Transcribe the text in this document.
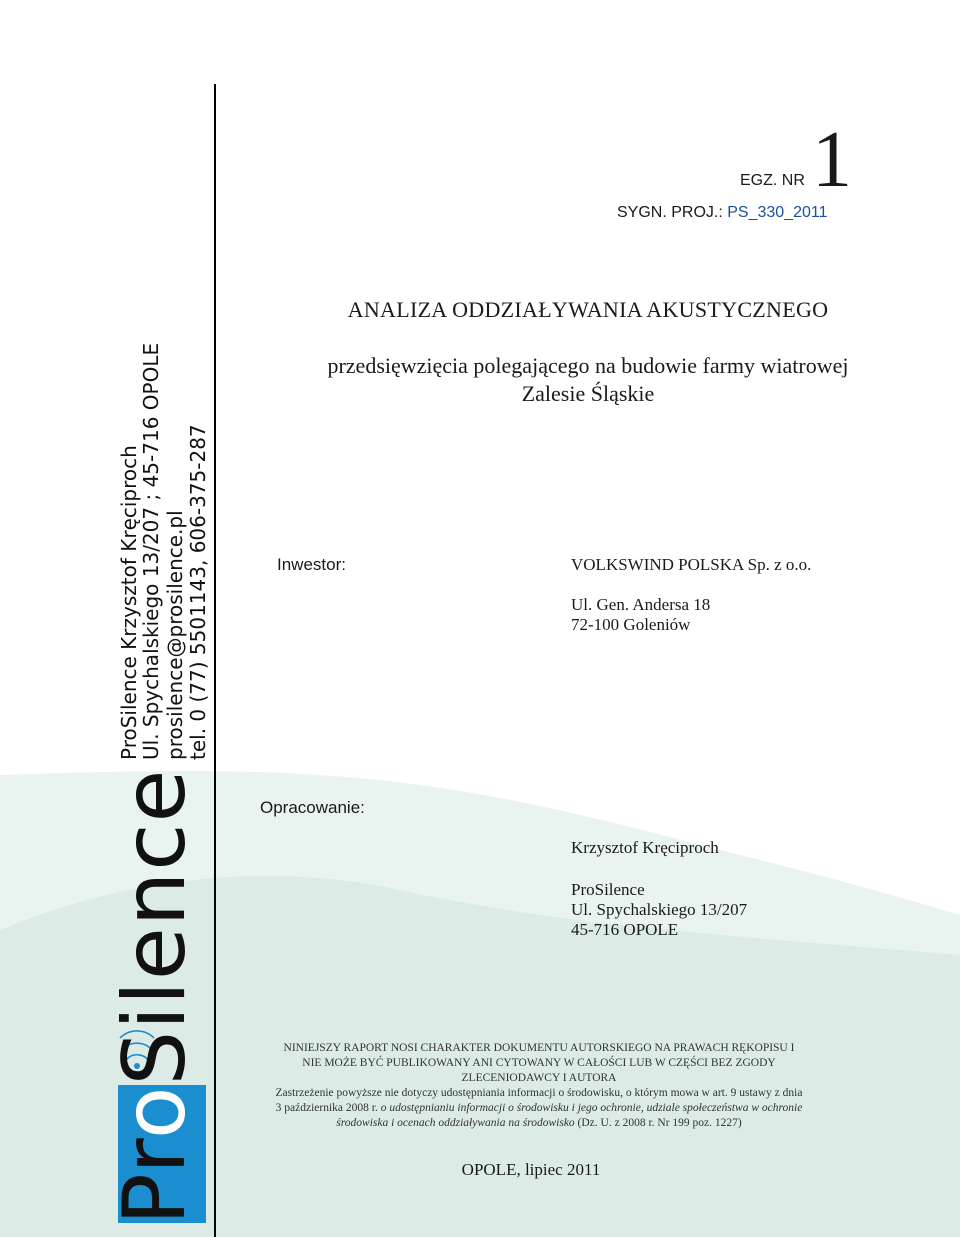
ProSilence Krzysztof Kręciproch
Ul. Spychalskiego 13/207 ; 45-716 OPOLE prosilence@prosilence.pl tel. 0 (77) 5501143, 606-375-287
ProSilence
EGZ. NR 1
SYGN. PROJ.: PS_330_2011
ANALIZA ODDZIAŁYWANIA AKUSTYCZNEGO
przedsięwzięcia polegającego na budowie farmy wiatrowej
Zalesie Śląskie
Inwestor:	VOLKSWIND POLSKA Sp. z o.o.
Ul. Gen. Andersa 18
72-100 Goleniów
Opracowanie:
Krzysztof Kręciproch
ProSilence
Ul. Spychalskiego 13/207
45-716 OPOLE

NINIEJSZY RAPORT NOSI CHARAKTER DOKUMENTU AUTORSKIEGO NA PRAWACH RĘKOPISU I

NIE MOŻE BYĆ PUBLIKOWANY ANI CYTOWANY W CAŁOŚCI LUB W CZĘŚCI BEZ ZGODY

ZLECENIODAWCY I AUTORA

Zastrzeżenie powyższe nie dotyczy udostępniania informacji o środowisku, o którym mowa w art. 9 ustawy z dnia

3 października 2008 r. o udostępnianiu informacji o środowisku i jego ochronie, udziale społeczeństwa w ochronie

środowiska i ocenach oddziaływania na środowisko (Dz. U. z 2008 r. Nr 199 poz. 1227)

OPOLE, lipiec 2011
